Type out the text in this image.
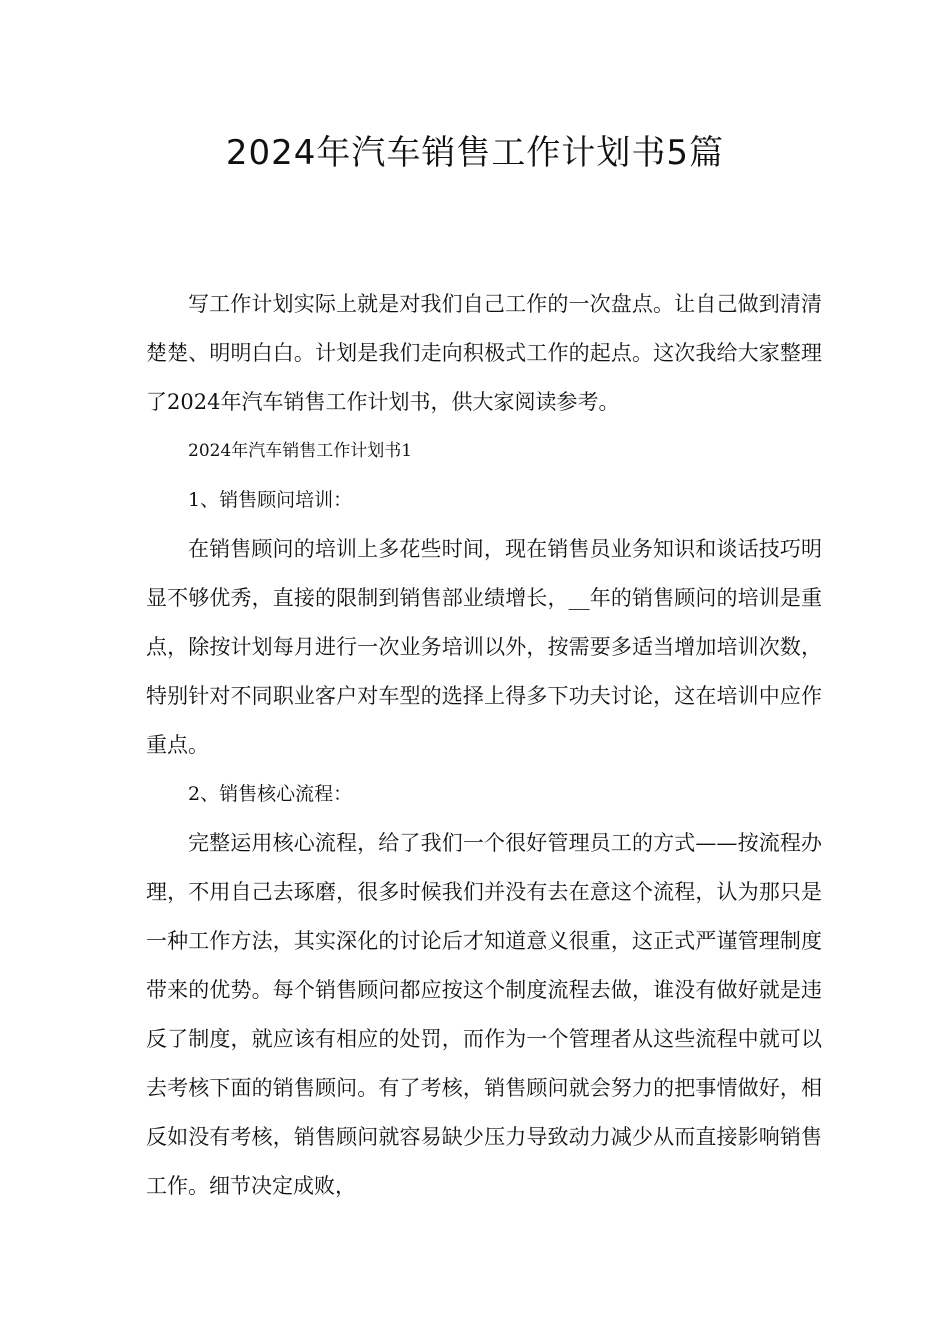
2024年汽车销售工作计划书5篇

写工作计划实际上就是对我们自己工作的一次盘点。让自己做到清清楚楚、明明白白。计划是我们走向积极式工作的起点。这次我给大家整理了2024年汽车销售工作计划书，供大家阅读参考。

2024年汽车销售工作计划书1

1、销售顾问培训：

在销售顾问的培训上多花些时间，现在销售员业务知识和谈话技巧明显不够优秀，直接的限制到销售部业绩增长，__年的销售顾问的培训是重点，除按计划每月进行一次业务培训以外，按需要多适当增加培训次数，特别针对不同职业客户对车型的选择上得多下功夫讨论，这在培训中应作重点。

2、销售核心流程：

完整运用核心流程，给了我们一个很好管理员工的方式——按流程办理，不用自己去琢磨，很多时候我们并没有去在意这个流程，认为那只是一种工作方法，其实深化的讨论后才知道意义很重，这正式严谨管理制度带来的优势。每个销售顾问都应按这个制度流程去做，谁没有做好就是违反了制度，就应该有相应的处罚，而作为一个管理者从这些流程中就可以去考核下面的销售顾问。有了考核，销售顾问就会努力的把事情做好，相反如没有考核，销售顾问就容易缺少压力导致动力减少从而直接影响销售工作。细节决定成败，
